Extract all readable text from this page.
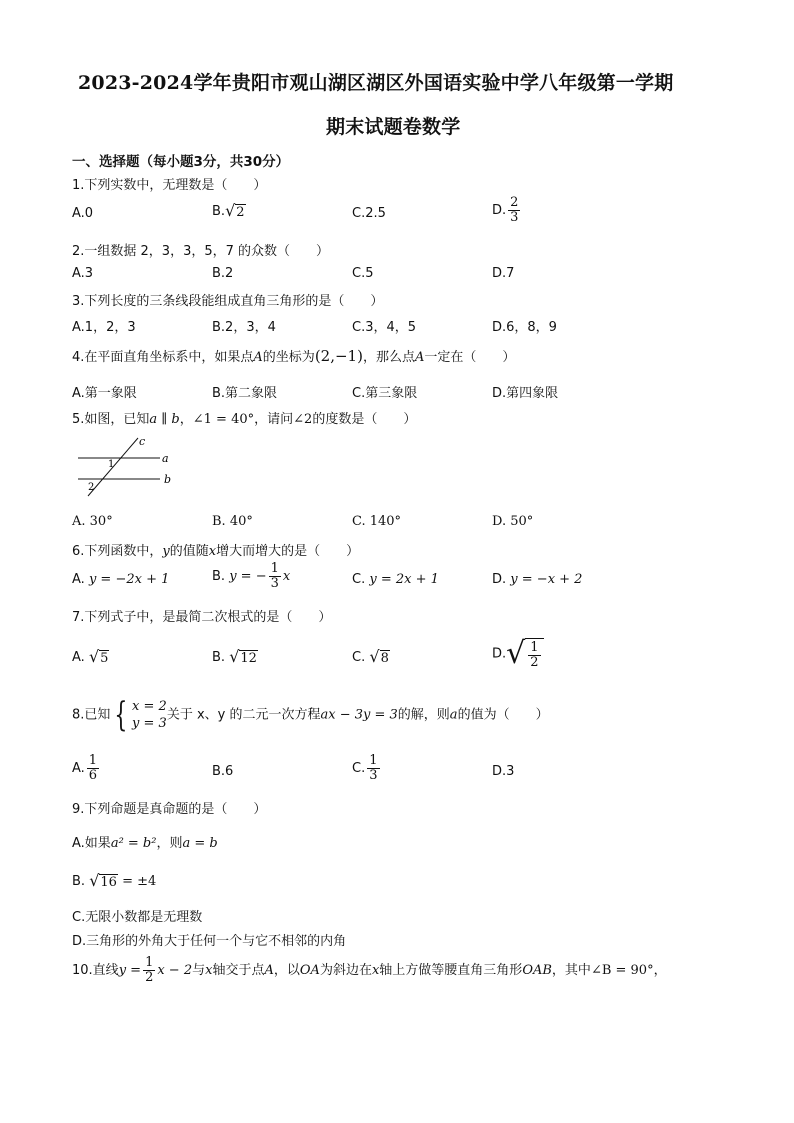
2023-2024学年贵阳市观山湖区湖区外国语实验中学八年级第一学期
期末试题卷数学
一、选择题（每小题3分，共30分）
1.下列实数中，无理数是（　　）
A.0	B. √ 2	C.2.5	D. $\frac{2}{3}$
2.一组数据 2，3，3，5，7 的众数（　　）
A.3	B.2	C.5	D.7
3.下列长度的三条线段能组成直角三角形的是（　　）
A.1，2，3	B.2，3，4	C.3，4，5	D.6，8，9
4.在平面直角坐标系中，如果点A的坐标为(2,−1)，那么点A一定在（　　）
A.第一象限	B.第二象限	C.第三象限	D.第四象限
5.如图，已知a ∥ b，∠1 = 40°，请问∠2的度数是（　　）
c
a
b
1
2
A. 30°	B. 40°	C. 140°	D. 50°
6.下列函数中，y的值随x增大而增大的是（　　）
A. y = −2x + 1	B. y = − $\frac{1}{3}$ x	C. y = 2x + 1	D. y = −x + 2
7.下列式子中，是最简二次根式的是（　　）
A. √ 5	B. √ 12	C. √ 8	D. √ $\frac{1}{2}$
8.已知 { x = 2
y = 3
关于 x、y 的二元一次方程ax − 3y = 3的解，则a的值为（　　）
A. $\frac{1}{6}$	B.6	C. $\frac{1}{3}$	D.3
9.下列命题是真命题的是（　　）
A.如果a² = b²，则a = b
B. √ 16 = ±4
C.无限小数都是无理数
D.三角形的外角大于任何一个与它不相邻的内角
10.直线$y = \frac{1}{2}$ x − 2与x轴交于点A，以OA为斜边在x轴上方做等腰直角三角形OAB，其中∠B = 90°，
